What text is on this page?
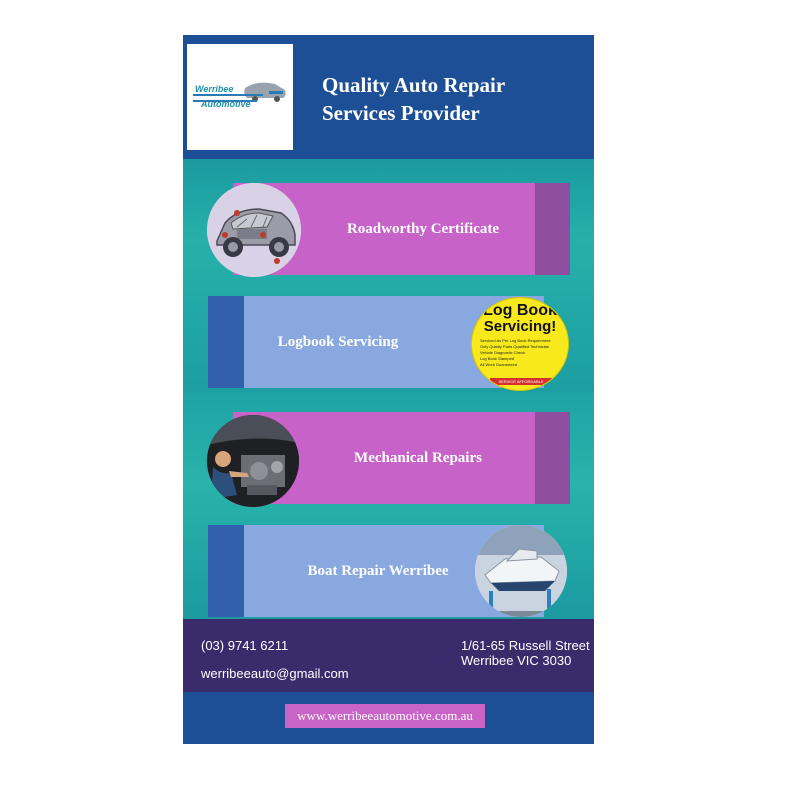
Werribee
Automotive
Quality Auto Repair
Services Provider
Roadworthy Certificate
Logbook Servicing
Log Book
Servicing!
Serviced As Per Log Book Requirement
Only Quality Parts Qualified Technician
Vehicle Diagnostic Check
Log Book Stamped
All Work Guaranteed
SERVICE AFFORDABLE
Mechanical Repairs
Boat Repair Werribee
(03) 9741 6211
werribeeauto@gmail.com
1/61-65 Russell Street
Werribee VIC 3030
www.werribeeautomotive.com.au
